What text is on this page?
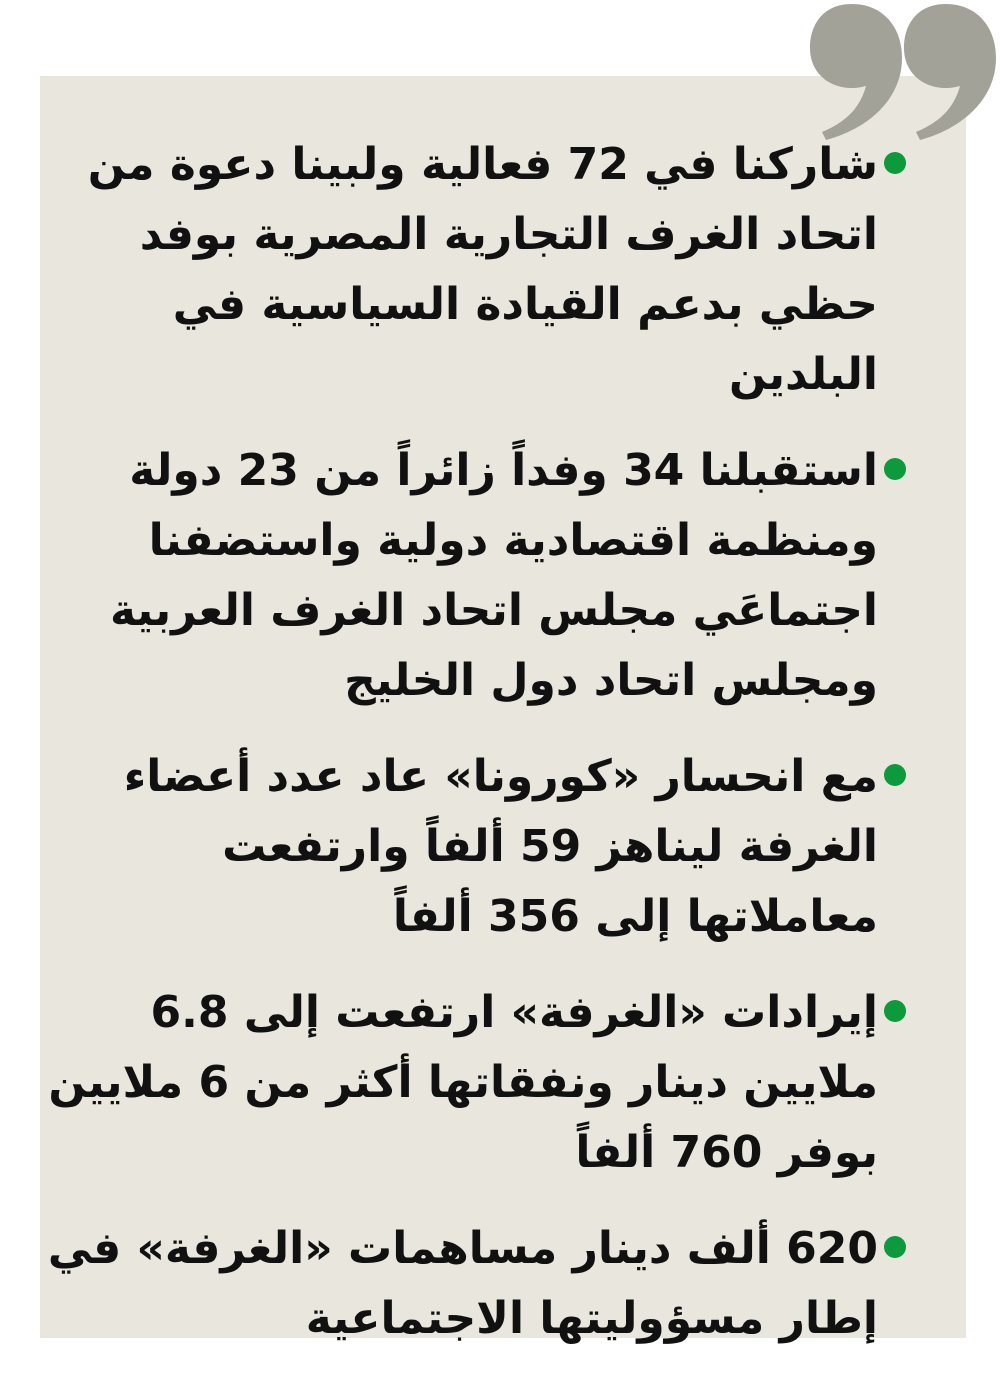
شاركنا في 72 فعالية ولبينا دعوة من اتحاد الغرف التجارية المصرية بوفد حظي بدعم القيادة السياسية في البلدين
استقبلنا 34 وفداً زائراً من 23 دولة ومنظمة اقتصادية دولية واستضفنا اجتماعَي مجلس اتحاد الغرف العربية ومجلس اتحاد دول الخليج
مع انحسار «كورونا» عاد عدد أعضاء الغرفة ليناهز 59 ألفاً وارتفعت معاملاتها إلى 356 ألفاً
إيرادات «الغرفة» ارتفعت إلى 6.8 ملايين دينار ونفقاتها أكثر من 6 ملايين بوفر 760 ألفاً
620 ألف دينار مساهمات «الغرفة» في إطار مسؤوليتها الاجتماعية
